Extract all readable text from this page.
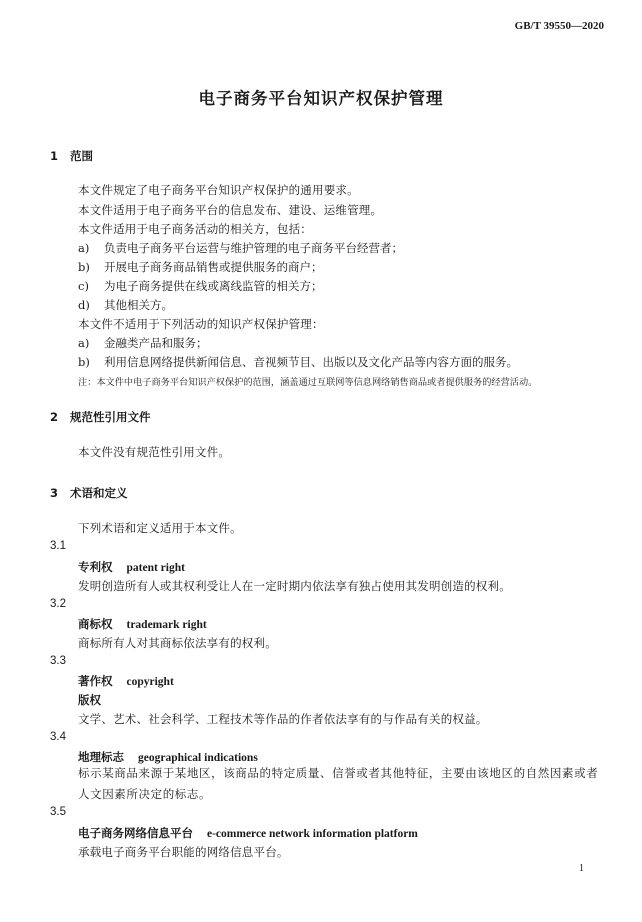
GB/T 39550—2020
电子商务平台知识产权保护管理
1 范围
本文件规定了电子商务平台知识产权保护的通用要求。
本文件适用于电子商务平台的信息发布、建设、运维管理。
本文件适用于电子商务活动的相关方，包括：
a) 负责电子商务平台运营与维护管理的电子商务平台经营者；
b) 开展电子商务商品销售或提供服务的商户；
c) 为电子商务提供在线或离线监管的相关方；
d) 其他相关方。
本文件不适用于下列活动的知识产权保护管理：
a) 金融类产品和服务；
b) 利用信息网络提供新闻信息、音视频节目、出版以及文化产品等内容方面的服务。
注：本文件中电子商务平台知识产权保护的范围，涵盖通过互联网等信息网络销售商品或者提供服务的经营活动。
2 规范性引用文件
本文件没有规范性引用文件。
3 术语和定义
下列术语和定义适用于本文件。
3.1
专利权 patent right
发明创造所有人或其权利受让人在一定时期内依法享有独占使用其发明创造的权利。
3.2
商标权 trademark right
商标所有人对其商标依法享有的权利。
3.3
著作权 copyright
版权
文学、艺术、社会科学、工程技术等作品的作者依法享有的与作品有关的权益。
3.4
地理标志 geographical indications
标示某商品来源于某地区，该商品的特定质量、信誉或者其他特征，主要由该地区的自然因素或者人文因素所决定的标志。
3.5
电子商务网络信息平台 e-commerce network information platform
承载电子商务平台职能的网络信息平台。
1
